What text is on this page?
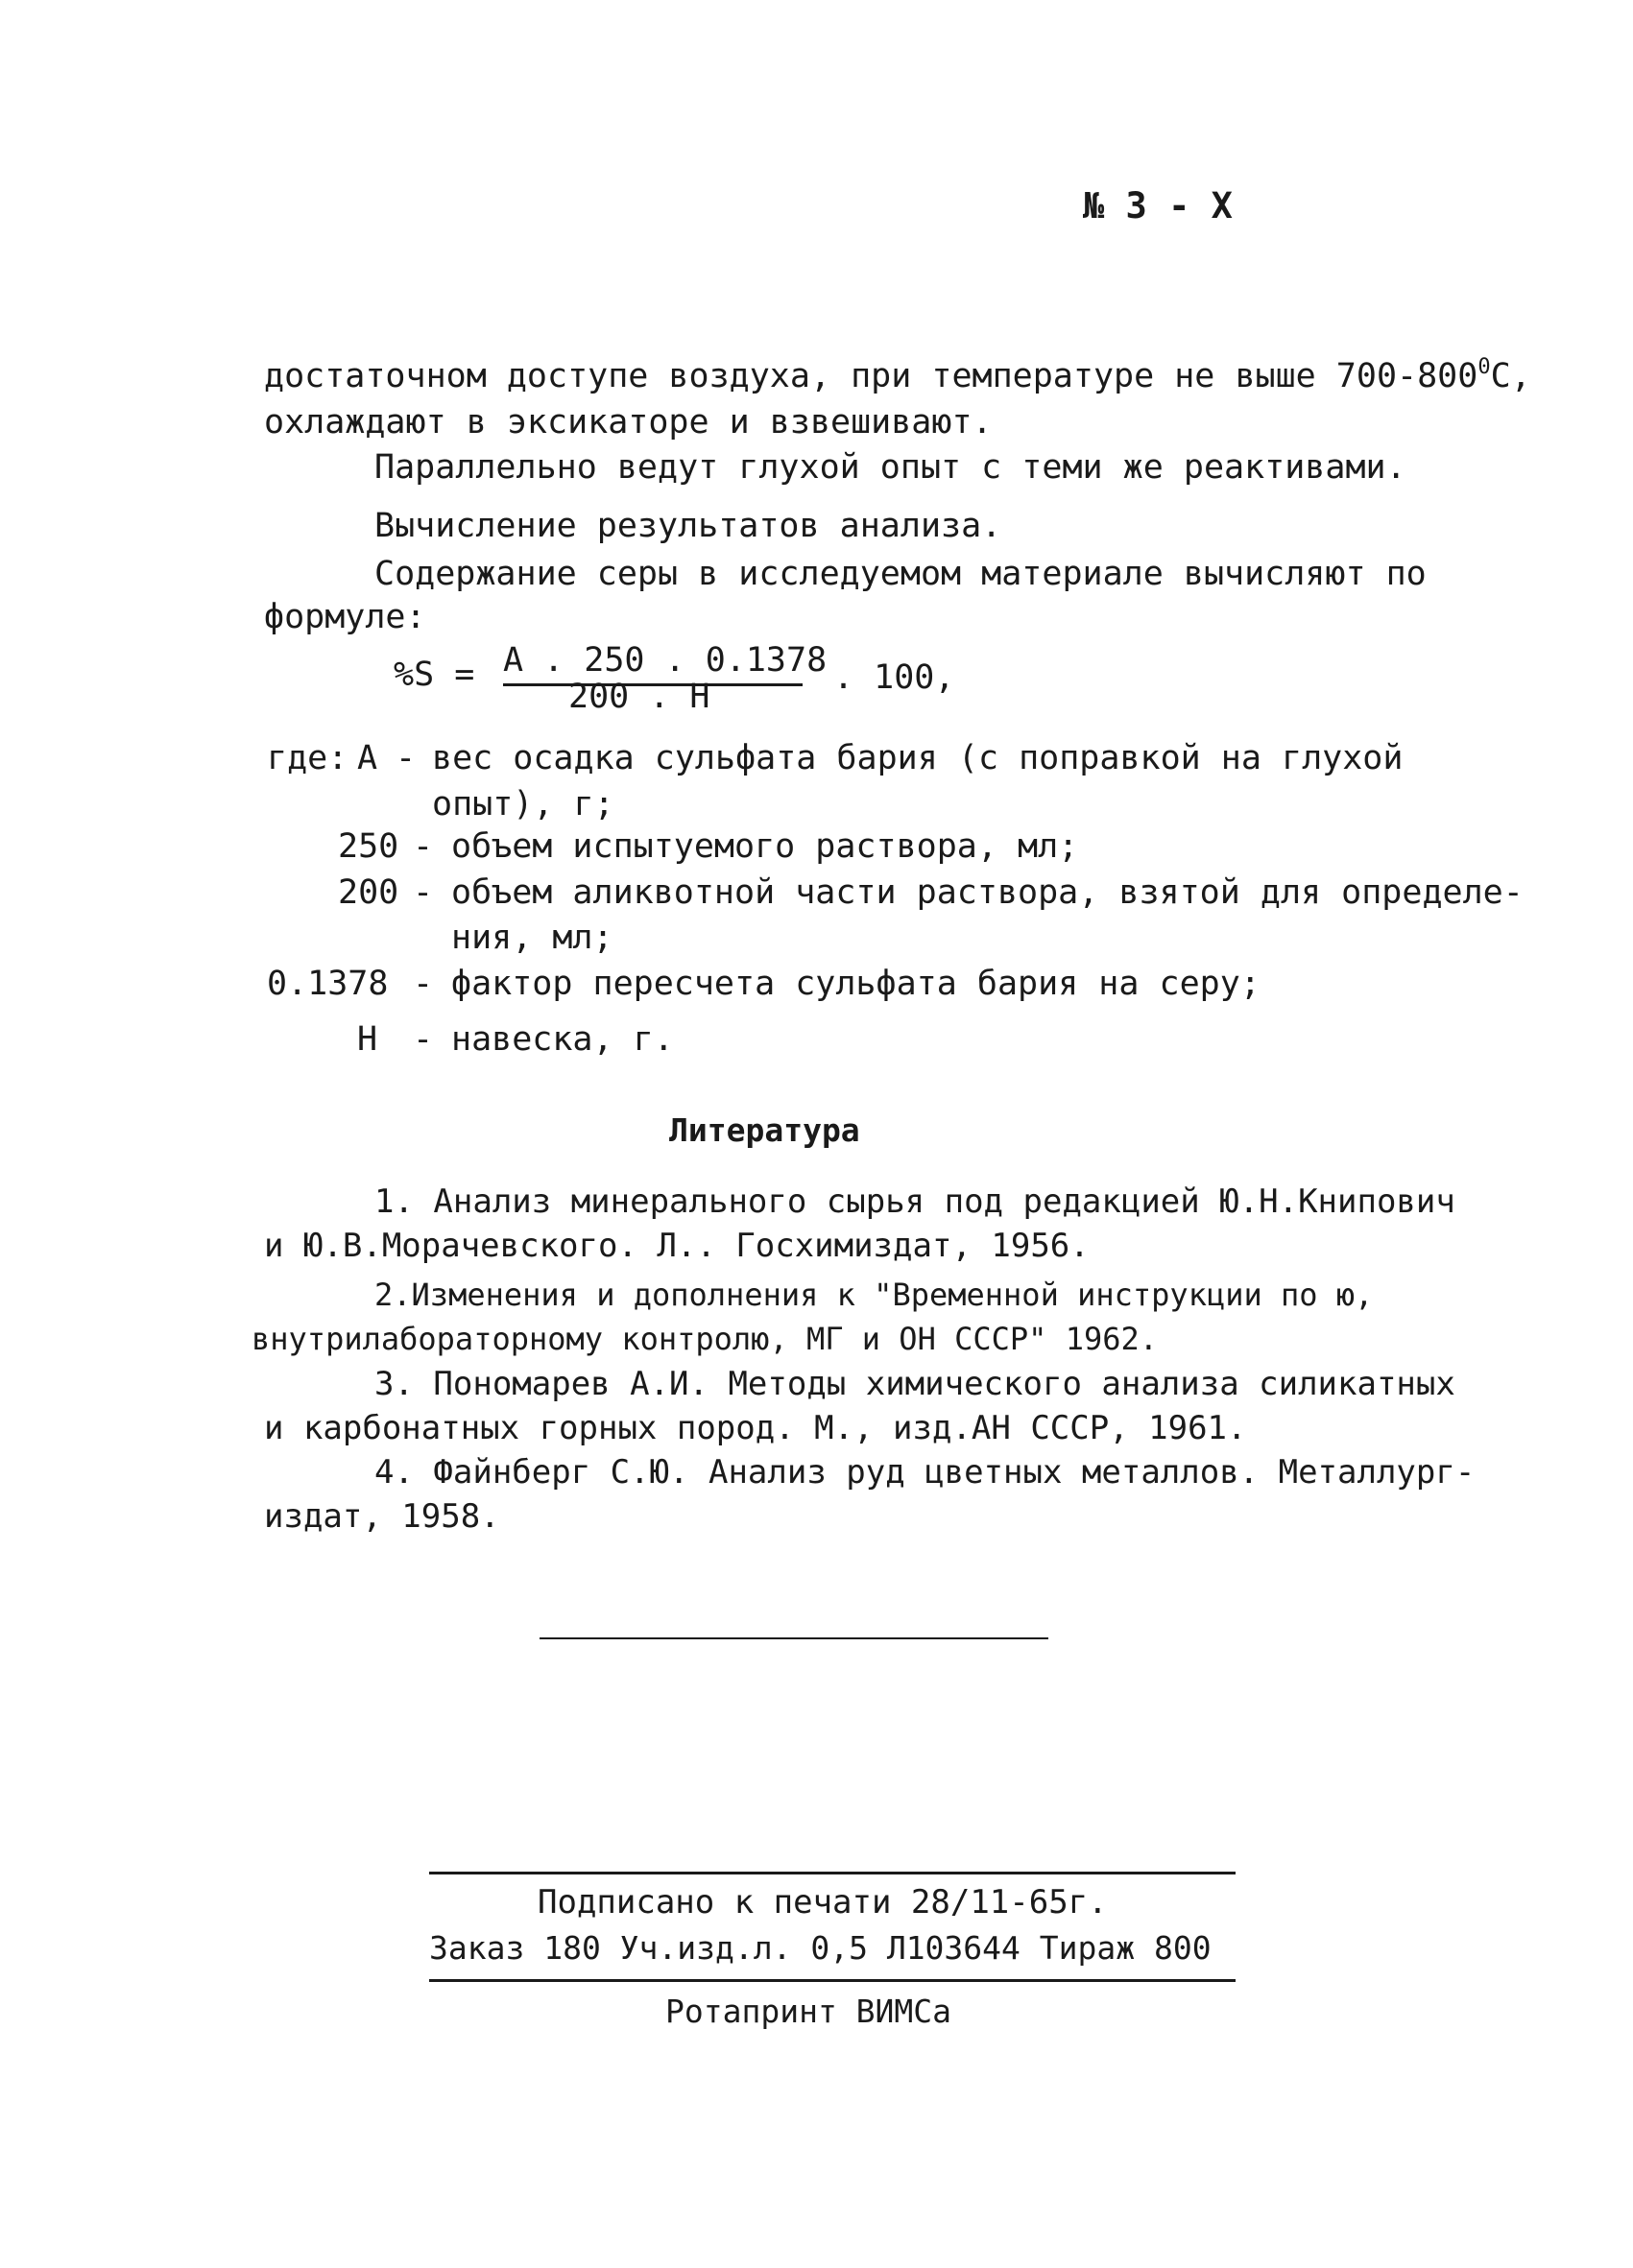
№ 3 - X
достаточном доступе воздуха, при температуре не выше $700-800^0С$,
охлаждают в эксикаторе и взвешивают.
Параллельно ведут глухой опыт с теми же реактивами.
Вычисление результатов анализа.
Содержание серы в исследуемом материале вычисляют по
формуле:
%S = А . 250 . 0.1378
200 . Н	. 100,
где: А - вес осадка сульфата бария (с поправкой на глухой
опыт), г;
250 - объем испытуемого раствора, мл;
200 - объем аликвотной части раствора, взятой для определе-
ния, мл;
0.1378 - фактор пересчета сульфата бария на серу;
Н - навеска, г.
Литература
1. Анализ минерального сырья под редакцией Ю.Н.Книпович
и Ю.В.Морачевского. Л.. Госхимиздат, 1956.
2.Изменения и дополнения к "Временной инструкции по ю,
внутрилабораторному контролю, МГ и ОН СССР" 1962.
3. Пономарев А.И. Методы химического анализа силикатных
и карбонатных горных пород. М., изд.АН СССР, 1961.
4. Файнберг С.Ю. Анализ руд цветных металлов. Металлург-
издат, 1958.
Подписано к печати 28/11-65г.
Заказ 180 Уч.изд.л. 0,5 Л103644 Тираж 800
Ротапринт ВИМСа
